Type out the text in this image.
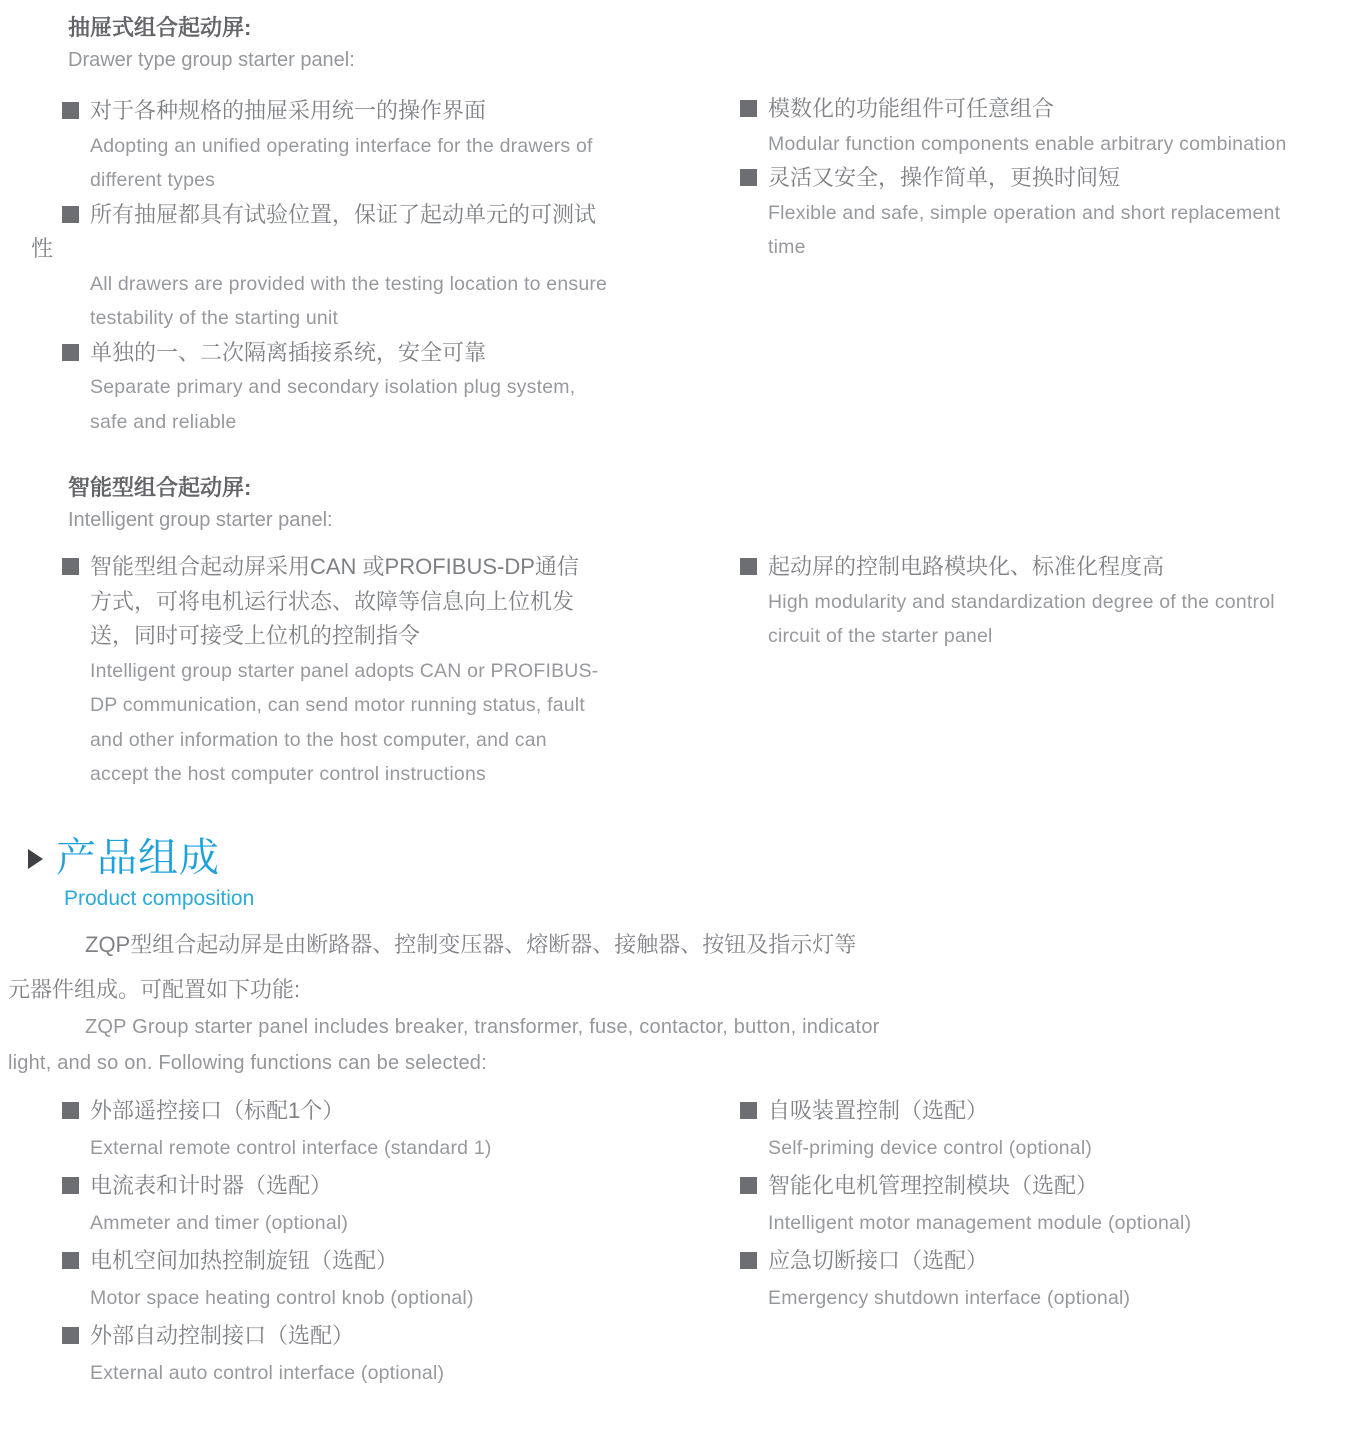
抽屉式组合起动屏:
Drawer type group starter panel:
对于各种规格的抽屉采用统一的操作界面
Adopting an unified operating interface for the drawers of
different types
所有抽屉都具有试验位置，保证了起动单元的可测试
性
All drawers are provided with the testing location to ensure
testability of the starting unit
单独的一、二次隔离插接系统，安全可靠
Separate primary and secondary isolation plug system,
safe and reliable
模数化的功能组件可任意组合
Modular function components enable arbitrary combination
灵活又安全，操作简单，更换时间短
Flexible and safe, simple operation and short replacement
time
智能型组合起动屏:
Intelligent group starter panel:
智能型组合起动屏采用CAN 或PROFIBUS-DP通信
方式，可将电机运行状态、故障等信息向上位机发
送，同时可接受上位机的控制指令
Intelligent group starter panel adopts CAN or PROFIBUS-
DP communication, can send motor running status, fault
and other information to the host computer, and can
accept the host computer control instructions
起动屏的控制电路模块化、标准化程度高
High modularity and standardization degree of the control
circuit of the starter panel
产品组成
Product composition
ZQP型组合起动屏是由断路器、控制变压器、熔断器、接触器、按钮及指示灯等
元器件组成。可配置如下功能:
ZQP Group starter panel includes breaker, transformer, fuse, contactor, button, indicator
light, and so on. Following functions can be selected:
外部遥控接口（标配1个）
External remote control interface (standard 1)
电流表和计时器（选配）
Ammeter and timer (optional)
电机空间加热控制旋钮（选配）
Motor space heating control knob (optional)
外部自动控制接口（选配）
External auto control interface (optional)
自吸装置控制（选配）
Self-priming device control (optional)
智能化电机管理控制模块（选配）
Intelligent motor management module (optional)
应急切断接口（选配）
Emergency shutdown interface (optional)
